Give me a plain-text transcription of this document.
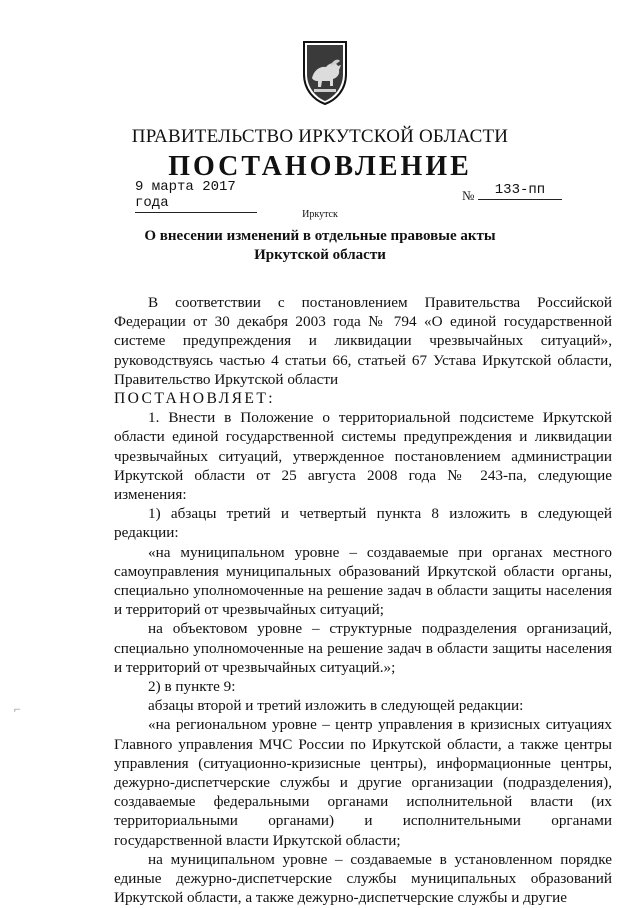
ПРАВИТЕЛЬСТВО ИРКУТСКОЙ ОБЛАСТИ
ПОСТАНОВЛЕНИЕ
9 марта 2017 года	№	133-пп
Иркутск
О внесении изменений в отдельные правовые акты
Иркутской области

В соответствии с постановлением Правительства Российской Федерации от 30 декабря 2003 года № 794 «О единой государственной системе предупреждения и ликвидации чрезвычайных ситуаций», руководствуясь частью 4 статьи 66, статьей 67 Устава Иркутской области, Правительство Иркутской области

ПОСТАНОВЛЯЕТ:

1. Внести в Положение о территориальной подсистеме Иркутской области единой государственной системы предупреждения и ликвидации чрезвычайных ситуаций, утвержденное постановлением администрации Иркутской области от 25 августа 2008 года № 243-па, следующие изменения:

1) абзацы третий и четвертый пункта 8 изложить в следующей редакции:

«на муниципальном уровне – создаваемые при органах местного самоуправления муниципальных образований Иркутской области органы, специально уполномоченные на решение задач в области защиты населения и территорий от чрезвычайных ситуаций;

на объектовом уровне – структурные подразделения организаций, специально уполномоченные на решение задач в области защиты населения и территорий от чрезвычайных ситуаций.»;

2) в пункте 9:

абзацы второй и третий изложить в следующей редакции:

«на региональном уровне – центр управления в кризисных ситуациях Главного управления МЧС России по Иркутской области, а также центры управления (ситуационно-кризисные центры), информационные центры, дежурно-диспетчерские службы и другие организации (подразделения), создаваемые федеральными органами исполнительной власти (их территориальными органами) и исполнительными органами государственной власти Иркутской области;

на муниципальном уровне – создаваемые в установленном порядке единые дежурно-диспетчерские службы муниципальных образований Иркутской области, а также дежурно-диспетчерские службы и другие

⌐
